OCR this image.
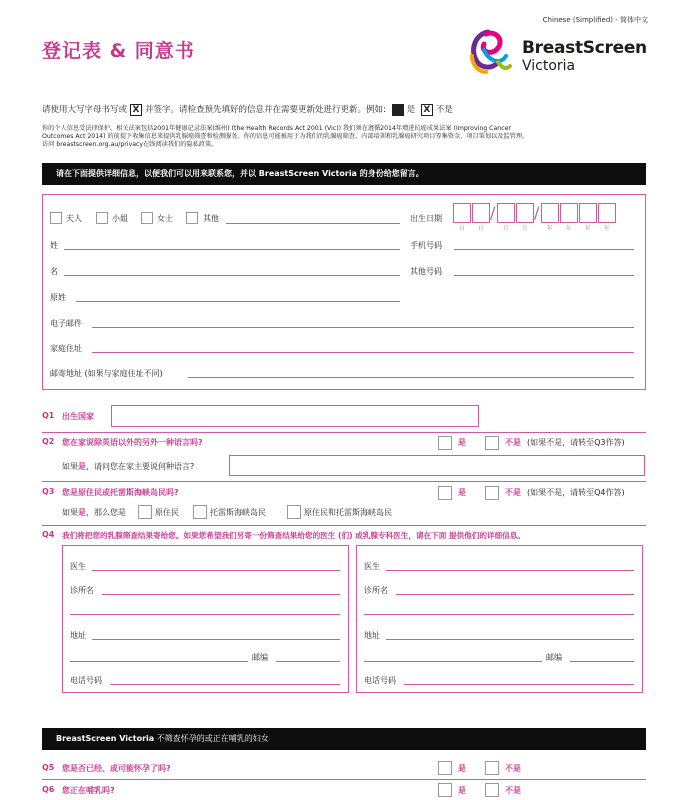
Chinese (Simplified) - 简体中文
登记表 & 同意书	BreastScreen
Victoria
请使用大写字母书写或 X 并签字。请检查预先填好的信息并在需要更新处进行更新。例如: 是 X 不是
你的个人信息受法律保护。相关法案包括2001年健康记录法案(维州) (the Health Records Act 2001 (Vic)) 我们须在遵循2014年增进抗癌成果法案 (Improving Cancer
Outcomes Act 2014) 的前提下收集信息来提供乳腺癌筛查和检测服务。你的信息可能被用于为我们的乳腺癌筛查、内部培训和乳腺癌研究项目筹集资金、项目策划以及监管理。
访问 breastscreen.org.au/privacy在线阅读我们的隐私政策。
请在下面提供详细信息，以便我们可以用来联系您，并以 BreastScreen Victoria 的身份给您留言。
夫人	小姐	女士	其他	出生日期	/ /
日 日	月 月	年 年 年 年
姓	手机号码
名	其他号码
原姓
电子邮件
家庭住址
邮寄地址 (如果与家庭住址不同)
Q1 出生国家
Q2 您在家说除英语以外的另外一种语言吗?	是	不是 (如果不是，请转至Q3作答)
如果是，请问您在家主要说何种语言?
Q3 您是原住民或托雷斯海峡岛民吗?	是	不是 (如果不是，请转至Q4作答)
如果是，那么您是	原住民	托雷斯海峡岛民	原住民和托雷斯海峡岛民
Q4 我们将把您的乳腺筛查结果寄给您。如果您希望我们另寄一份筛查结果给您的医生 (们) 或乳腺专科医生，请在下面 提供他们的详细信息。
医生
诊所名
地址
邮编
电话号码
医生
诊所名
地址
邮编
电话号码
BreastScreen Victoria 不筛查怀孕的或正在哺乳的妇女
Q5 您是否已经、或可能怀孕了吗?	是	不是
Q6 您正在哺乳吗?	是	不是
